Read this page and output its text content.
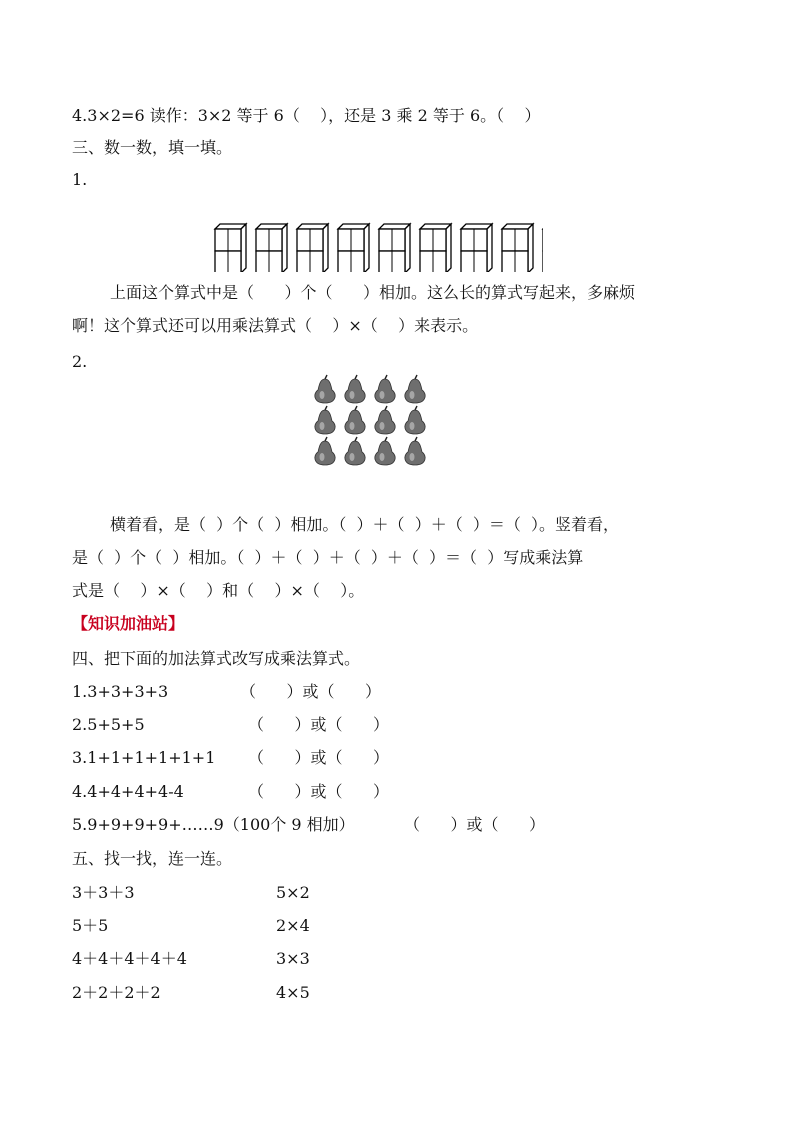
4.3×2=6 读作：3×2 等于 6（    ），还是 3 乘 2 等于 6。（    ）
三、数一数，填一填。
1.
上面这个算式中是（      ）个（      ）相加。这么长的算式写起来，多麻烦
啊！这个算式还可以用乘法算式（    ）×（    ）来表示。
2.
横着看，是（  ）个（  ）相加。（  ）＋（  ）＋（  ）＝（  ）。竖着看，
是（  ）个（  ）相加。（  ）＋（  ）＋（  ）＋（  ）＝（  ）写成乘法算
式是（    ）×（    ）和（    ）×（    ）。
【知识加油站】
四、把下面的加法算式改写成乘法算式。
1.3+3+3+3	（      ）或（      ）
2.5+5+5	（      ）或（      ）
3.1+1+1+1+1+1 （      ）或（      ）
4.4+4+4+4-4	（      ）或（      ）
5.9+9+9+9+……9（100个 9 相加）	（      ）或（      ）
五、找一找，连一连。
3＋3＋3	5×2
5＋5	2×4
4＋4＋4＋4＋4	3×3
2＋2＋2＋2	4×5
